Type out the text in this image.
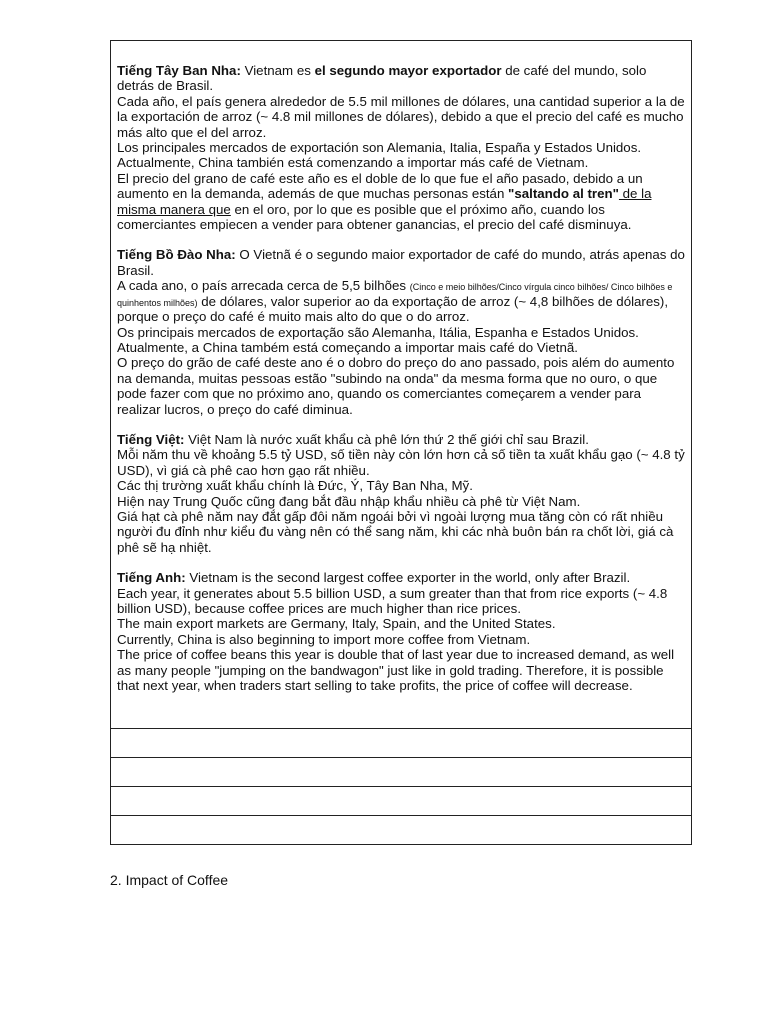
Tiếng Tây Ban Nha: Vietnam es el segundo mayor exportador de café del mundo, solo detrás de Brasil.

Cada año, el país genera alrededor de 5.5 mil millones de dólares, una cantidad superior a la de la exportación de arroz (~ 4.8 mil millones de dólares), debido a que el precio del café es mucho más alto que el del arroz.

Los principales mercados de exportación son Alemania, Italia, España y Estados Unidos.

Actualmente, China también está comenzando a importar más café de Vietnam.

El precio del grano de café este año es el doble de lo que fue el año pasado, debido a un aumento en la demanda, además de que muchas personas están "saltando al tren" de la misma manera que en el oro, por lo que es posible que el próximo año, cuando los comerciantes empiecen a vender para obtener ganancias, el precio del café disminuya.

Tiếng Bồ Đào Nha: O Vietnã é o segundo maior exportador de café do mundo, atrás apenas do Brasil.

A cada ano, o país arrecada cerca de 5,5 bilhões (Cinco e meio bilhões/Cinco vírgula cinco bilhões/ Cinco bilhões e quinhentos milhões) de dólares, valor superior ao da exportação de arroz (~ 4,8 bilhões de dólares), porque o preço do café é muito mais alto do que o do arroz.

Os principais mercados de exportação são Alemanha, Itália, Espanha e Estados Unidos.

Atualmente, a China também está começando a importar mais café do Vietnã.

O preço do grão de café deste ano é o dobro do preço do ano passado, pois além do aumento na demanda, muitas pessoas estão "subindo na onda" da mesma forma que no ouro, o que pode fazer com que no próximo ano, quando os comerciantes começarem a vender para realizar lucros, o preço do café diminua.

Tiếng Việt: Việt Nam là nước xuất khẩu cà phê lớn thứ 2 thế giới chỉ sau Brazil.

Mỗi năm thu về khoảng 5.5 tỷ USD, số tiền này còn lớn hơn cả số tiền ta xuất khẩu gạo (~ 4.8 tỷ USD), vì giá cà phê cao hơn gạo rất nhiều.

Các thị trường xuất khẩu chính là Đức, Ý, Tây Ban Nha, Mỹ.

Hiện nay Trung Quốc cũng đang bắt đầu nhập khẩu nhiều cà phê từ Việt Nam.

Giá hạt cà phê năm nay đắt gấp đôi năm ngoái bởi vì ngoài lượng mua tăng còn có rất nhiều người đu đỉnh như kiểu đu vàng nên có thể sang năm, khi các nhà buôn bán ra chốt lời, giá cà phê sẽ hạ nhiệt.

Tiếng Anh: Vietnam is the second largest coffee exporter in the world, only after Brazil.

Each year, it generates about 5.5 billion USD, a sum greater than that from rice exports (~ 4.8 billion USD), because coffee prices are much higher than rice prices.

The main export markets are Germany, Italy, Spain, and the United States.

Currently, China is also beginning to import more coffee from Vietnam.

The price of coffee beans this year is double that of last year due to increased demand, as well as many people "jumping on the bandwagon" just like in gold trading. Therefore, it is possible that next year, when traders start selling to take profits, the price of coffee will decrease.

2. Impact of Coffee
